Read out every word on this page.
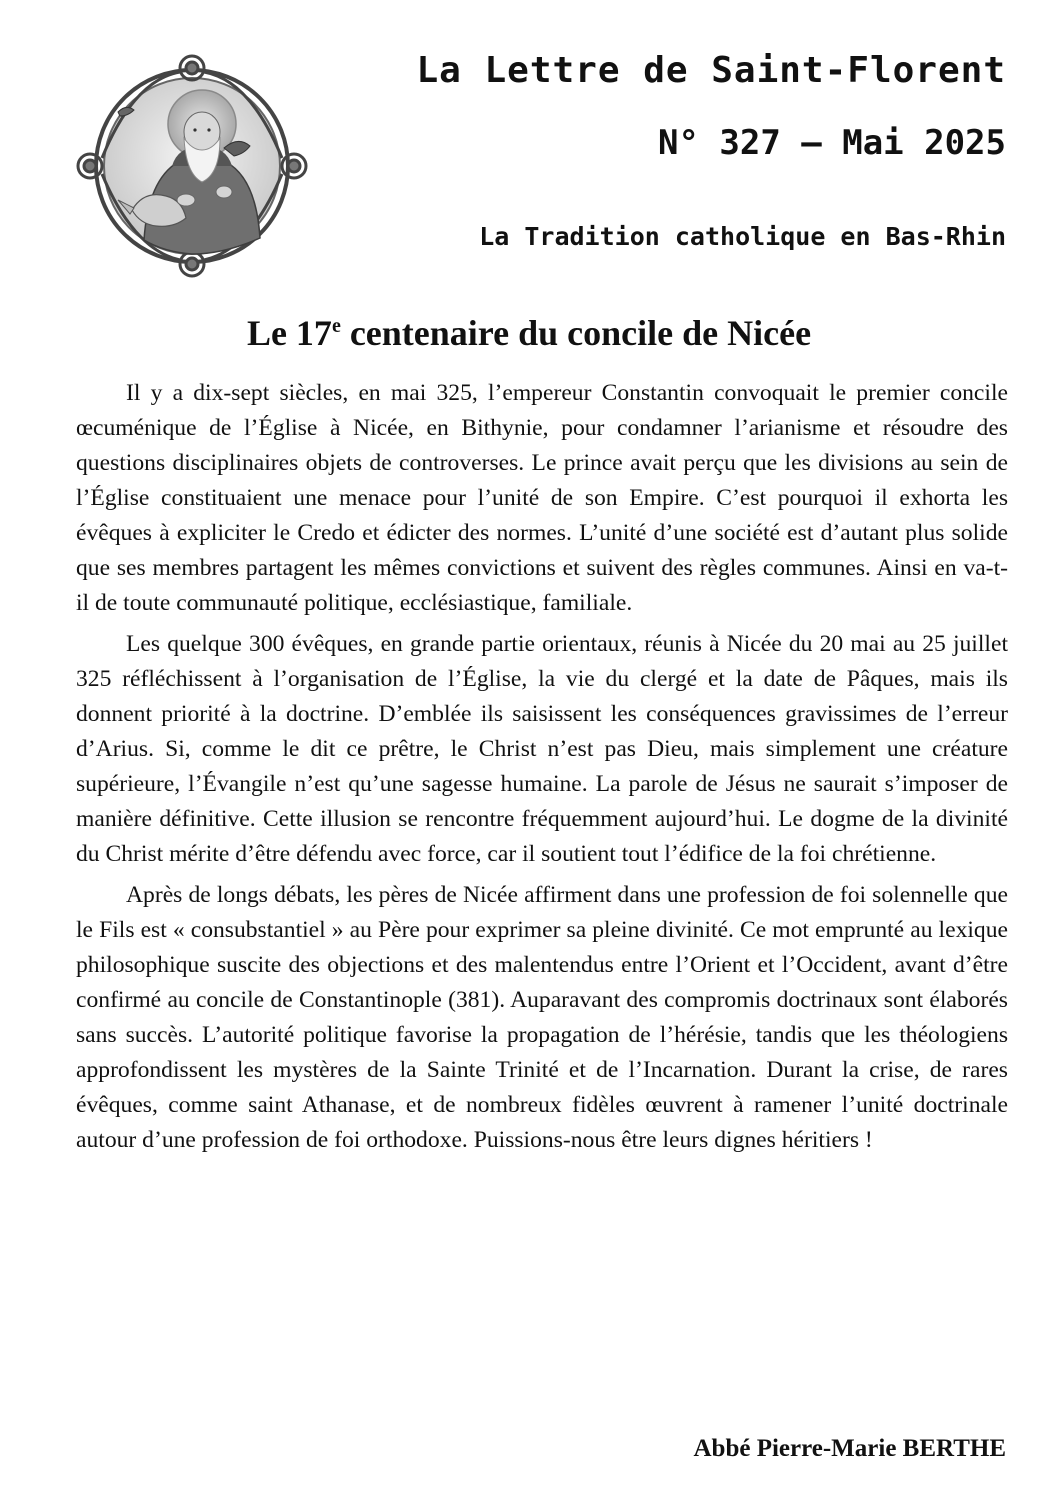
La Lettre de Saint-Florent
N° 327 – Mai 2025
La Tradition catholique en Bas-Rhin
Le 17e centenaire du concile de Nicée

Il y a dix-sept siècles, en mai 325, l’empereur Constantin convoquait le premier concile œcuménique de l’Église à Nicée, en Bithynie, pour condamner l’arianisme et résoudre des questions disciplinaires objets de controverses. Le prince avait perçu que les divisions au sein de l’Église constituaient une menace pour l’unité de son Empire. C’est pourquoi il exhorta les évêques à expliciter le Credo et édicter des normes. L’unité d’une société est d’autant plus solide que ses membres partagent les mêmes convictions et suivent des règles communes. Ainsi en va-t-il de toute communauté politique, ecclésiastique, familiale.

Les quelque 300 évêques, en grande partie orientaux, réunis à Nicée du 20 mai au 25 juillet 325 réfléchissent à l’organisation de l’Église, la vie du clergé et la date de Pâques, mais ils donnent priorité à la doctrine. D’emblée ils saisissent les conséquences gravissimes de l’erreur d’Arius. Si, comme le dit ce prêtre, le Christ n’est pas Dieu, mais simplement une créature supérieure, l’Évangile n’est qu’une sagesse humaine. La parole de Jésus ne saurait s’imposer de manière définitive. Cette illusion se rencontre fréquemment aujourd’hui. Le dogme de la divinité du Christ mérite d’être défendu avec force, car il soutient tout l’édifice de la foi chrétienne.

Après de longs débats, les pères de Nicée affirment dans une profession de foi solennelle que le Fils est « consubstantiel » au Père pour exprimer sa pleine divinité. Ce mot emprunté au lexique philosophique suscite des objections et des malentendus entre l’Orient et l’Occident, avant d’être confirmé au concile de Constantinople (381). Auparavant des compromis doctrinaux sont élaborés sans succès. L’autorité politique favorise la propagation de l’hérésie, tandis que les théologiens approfondissent les mystères de la Sainte Trinité et de l’Incarnation. Durant la crise, de rares évêques, comme saint Athanase, et de nombreux fidèles œuvrent à ramener l’unité doctrinale autour d’une profession de foi orthodoxe. Puissions-nous être leurs dignes héritiers !

Abbé Pierre-Marie BERTHE
